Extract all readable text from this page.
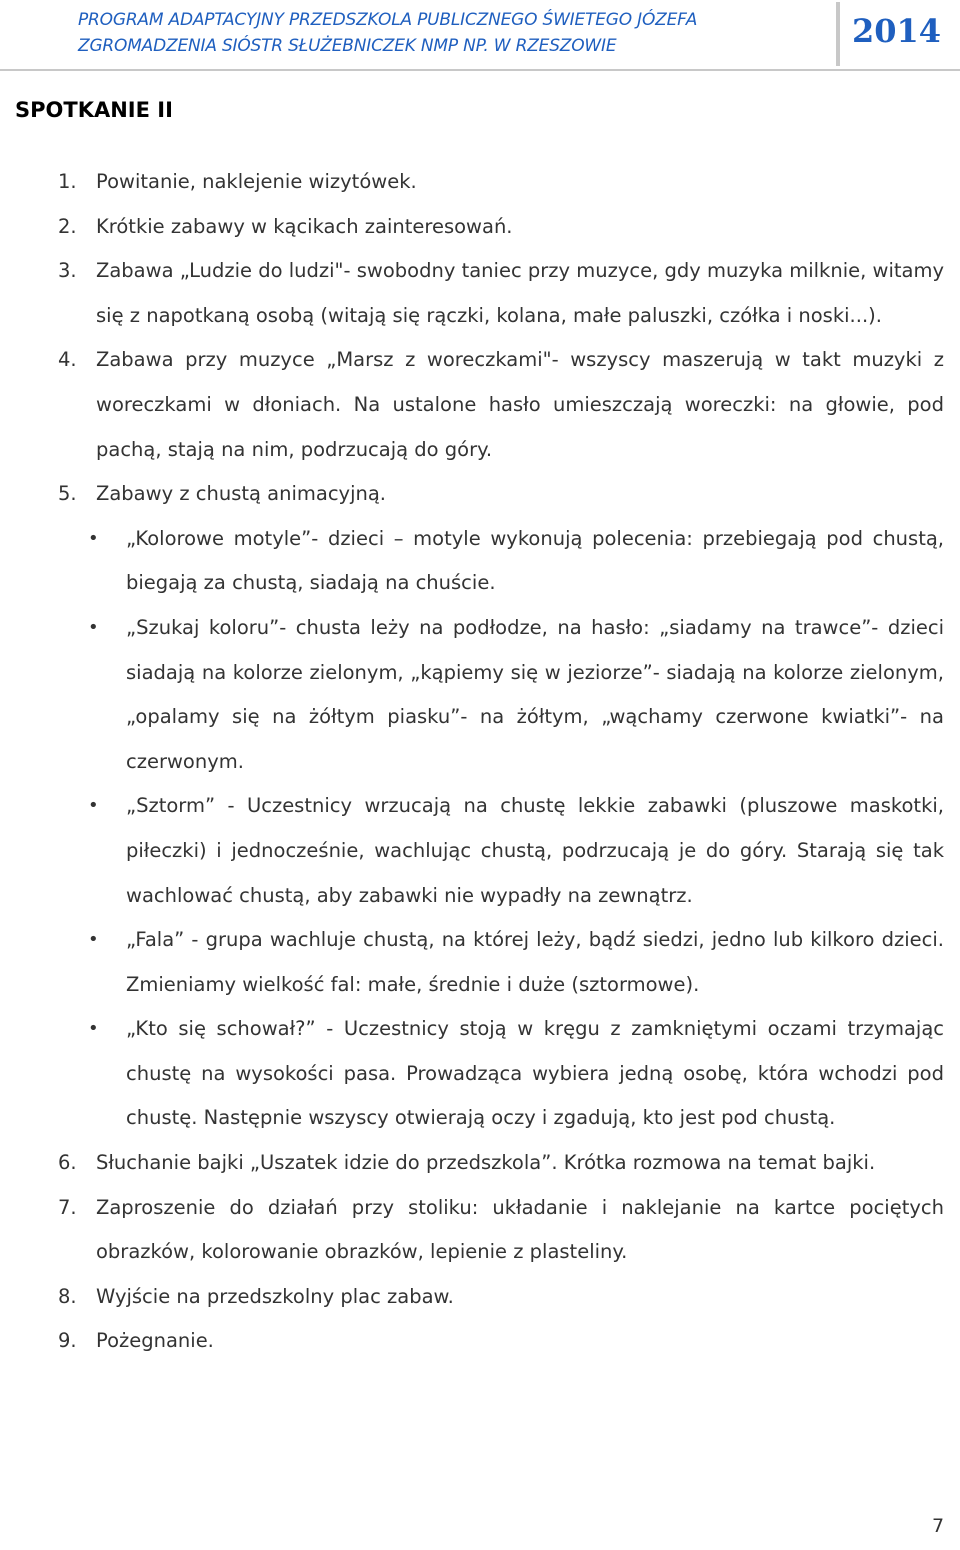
PROGRAM ADAPTACYJNY PRZEDSZKOLA PUBLICZNEGO ŚWIETEGO JÓZEFA
ZGROMADZENIA SIÓSTR SŁUŻEBNICZEK NMP NP. W RZESZOWIE	2014
SPOTKANIE II
1. Powitanie, naklejenie wizytówek.
2. Krótkie zabawy w kącikach zainteresowań.
3. Zabawa „Ludzie do ludzi"- swobodny taniec przy muzyce, gdy muzyka milknie, witamy się z napotkaną osobą (witają się rączki, kolana, małe paluszki, czółka i noski...).
4. Zabawa przy muzyce „Marsz z woreczkami"- wszyscy maszerują w takt muzyki z woreczkami w dłoniach. Na ustalone hasło umieszczają woreczki: na głowie, pod pachą, stają na nim, podrzucają do góry.
5. Zabawy z chustą animacyjną.
• „Kolorowe motyle”- dzieci – motyle wykonują polecenia: przebiegają pod chustą, biegają za chustą, siadają na chuście.
• „Szukaj koloru”- chusta leży na podłodze, na hasło: „siadamy na trawce”- dzieci siadają na kolorze zielonym, „kąpiemy się w jeziorze”- siadają na kolorze zielonym, „opalamy się na żółtym piasku”- na żółtym, „wąchamy czerwone kwiatki”- na czerwonym.
• „Sztorm” - Uczestnicy wrzucają na chustę lekkie zabawki (pluszowe maskotki, piłeczki) i jednocześnie, wachlując chustą, podrzucają je do góry. Starają się tak wachlować chustą, aby zabawki nie wypadły na zewnątrz.
• „Fala” - grupa wachluje chustą, na której leży, bądź siedzi, jedno lub kilkoro dzieci. Zmieniamy wielkość fal: małe, średnie i duże (sztormowe).
• „Kto się schował?” - Uczestnicy stoją w kręgu z zamkniętymi oczami trzymając chustę na wysokości pasa. Prowadząca wybiera jedną osobę, która wchodzi pod chustę. Następnie wszyscy otwierają oczy i zgadują, kto jest pod chustą.
6. Słuchanie bajki „Uszatek idzie do przedszkola”. Krótka rozmowa na temat bajki.
7. Zaproszenie do działań przy stoliku: układanie i naklejanie na kartce pociętych obrazków, kolorowanie obrazków, lepienie z plasteliny.
8. Wyjście na przedszkolny plac zabaw.
9. Pożegnanie.
7
